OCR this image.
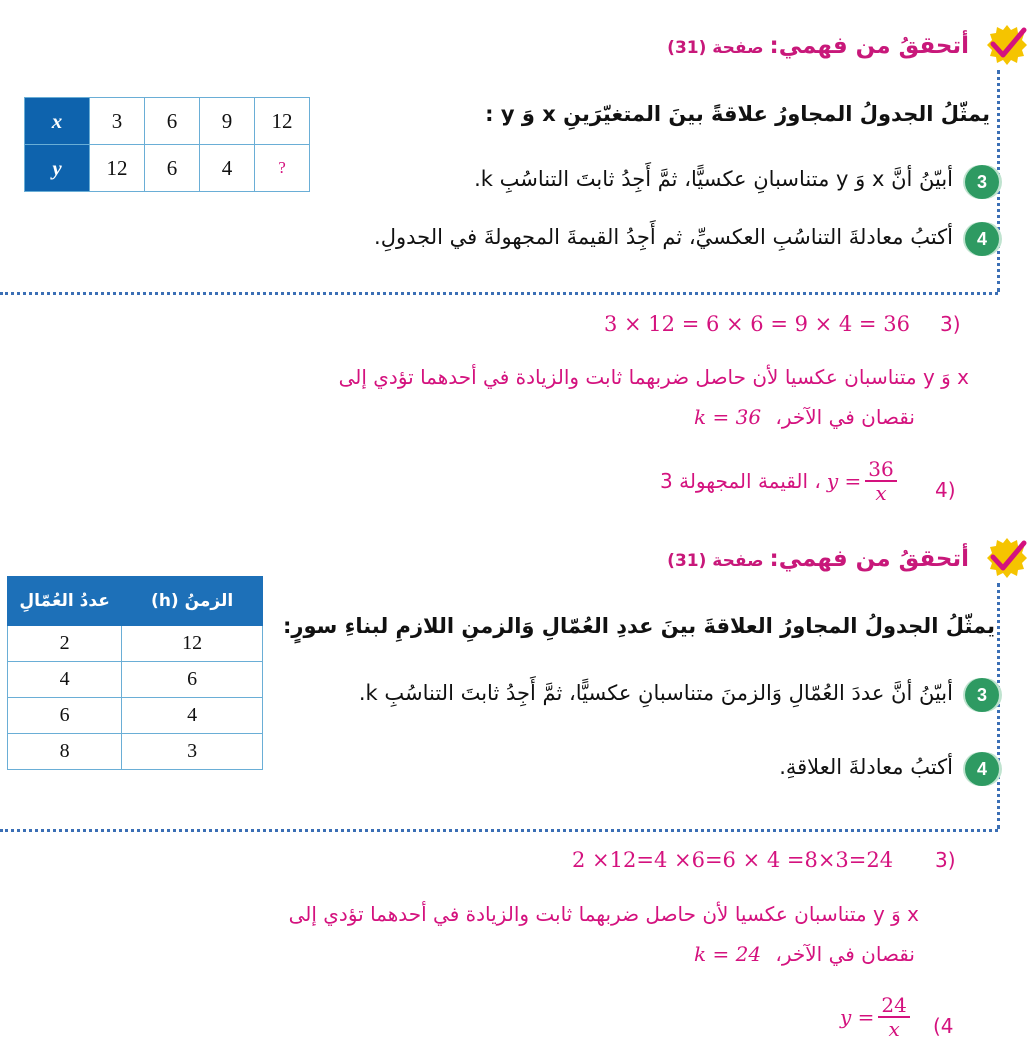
أتحققُ من فهمي:صفحة (31)
x	3	6	9	12
y	12	6	4	?
يمثّلُ الجدولُ المجاورُ علاقةً بينَ المتغيّرَينِ x وَ y :
3
أبيّنُ أنَّ x وَ y متناسبانِ عكسيًّا، ثمَّ أَجِدُ ثابتَ التناسُبِ k.
4
أكتبُ معادلةَ التناسُبِ العكسيِّ، ثم أَجِدُ القيمةَ المجهولةَ في الجدولِ.
3)
3 × 12 = 6 × 6 = 9 × 4 = 36
x وَ y متناسبان عكسيا لأن حاصل ضربهما ثابت والزيادة في أحدهما تؤدي إلى
نقصان في الآخر، k = 36
4)
، القيمة المجهولة 3 $y = \frac{36}{x}$
أتحققُ من فهمي:صفحة (31)
الزمنُ (h)	عددُ العُمّالِ
12	2
6	4
4	6
3	8
يمثّلُ الجدولُ المجاورُ العلاقةَ بينَ عددِ العُمّالِ وَالزمنِ اللازمِ لبناءِ سورٍ:
3
أبيّنُ أنَّ عددَ العُمّالِ وَالزمنَ متناسبانِ عكسيًّا، ثمَّ أَجِدُ ثابتَ التناسُبِ k.
4
أكتبُ معادلةَ العلاقةِ.
3)
2 ×12=4 ×6=6 × 4 =8×3=24
x وَ y متناسبان عكسيا لأن حاصل ضربهما ثابت والزيادة في أحدهما تؤدي إلى
نقصان في الآخر، k = 24
(4
$y = \frac{24}{x}$
